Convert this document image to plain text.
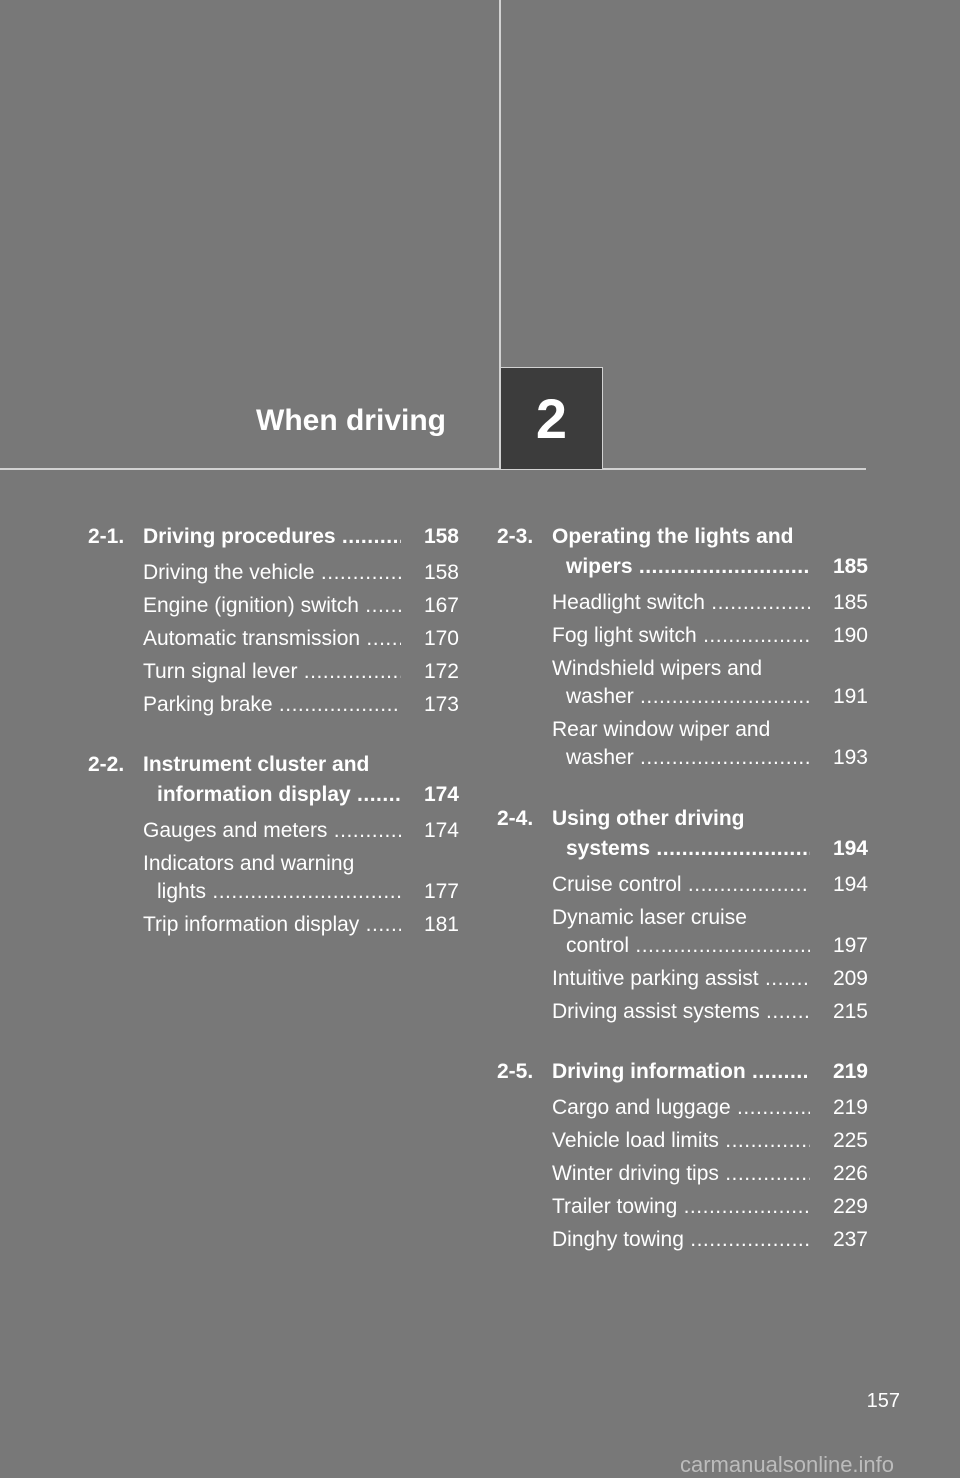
When driving 2
2-1. Driving procedures .....	158
Driving the vehicle .....	158
Engine (ignition) switch .....	167
Automatic transmission .....	170
Turn signal lever .....	172
Parking brake .....	173
2-2. Instrument cluster and
information display .....	174
Gauges and meters .....	174
Indicators and warning
lights .....	177
Trip information display .....	181
2-3. Operating the lights and
wipers .....	185
Headlight switch .....	185
Fog light switch .....	190
Windshield wipers and
washer .....	191
Rear window wiper and
washer .....	193
2-4. Using other driving
systems .....	194
Cruise control .....	194
Dynamic laser cruise
control .....	197
Intuitive parking assist .....	209
Driving assist systems .....	215
2-5. Driving information .....	219
Cargo and luggage .....	219
Vehicle load limits .....	225
Winter driving tips .....	226
Trailer towing .....	229
Dinghy towing .....	237
157
carmanualsonline.info
